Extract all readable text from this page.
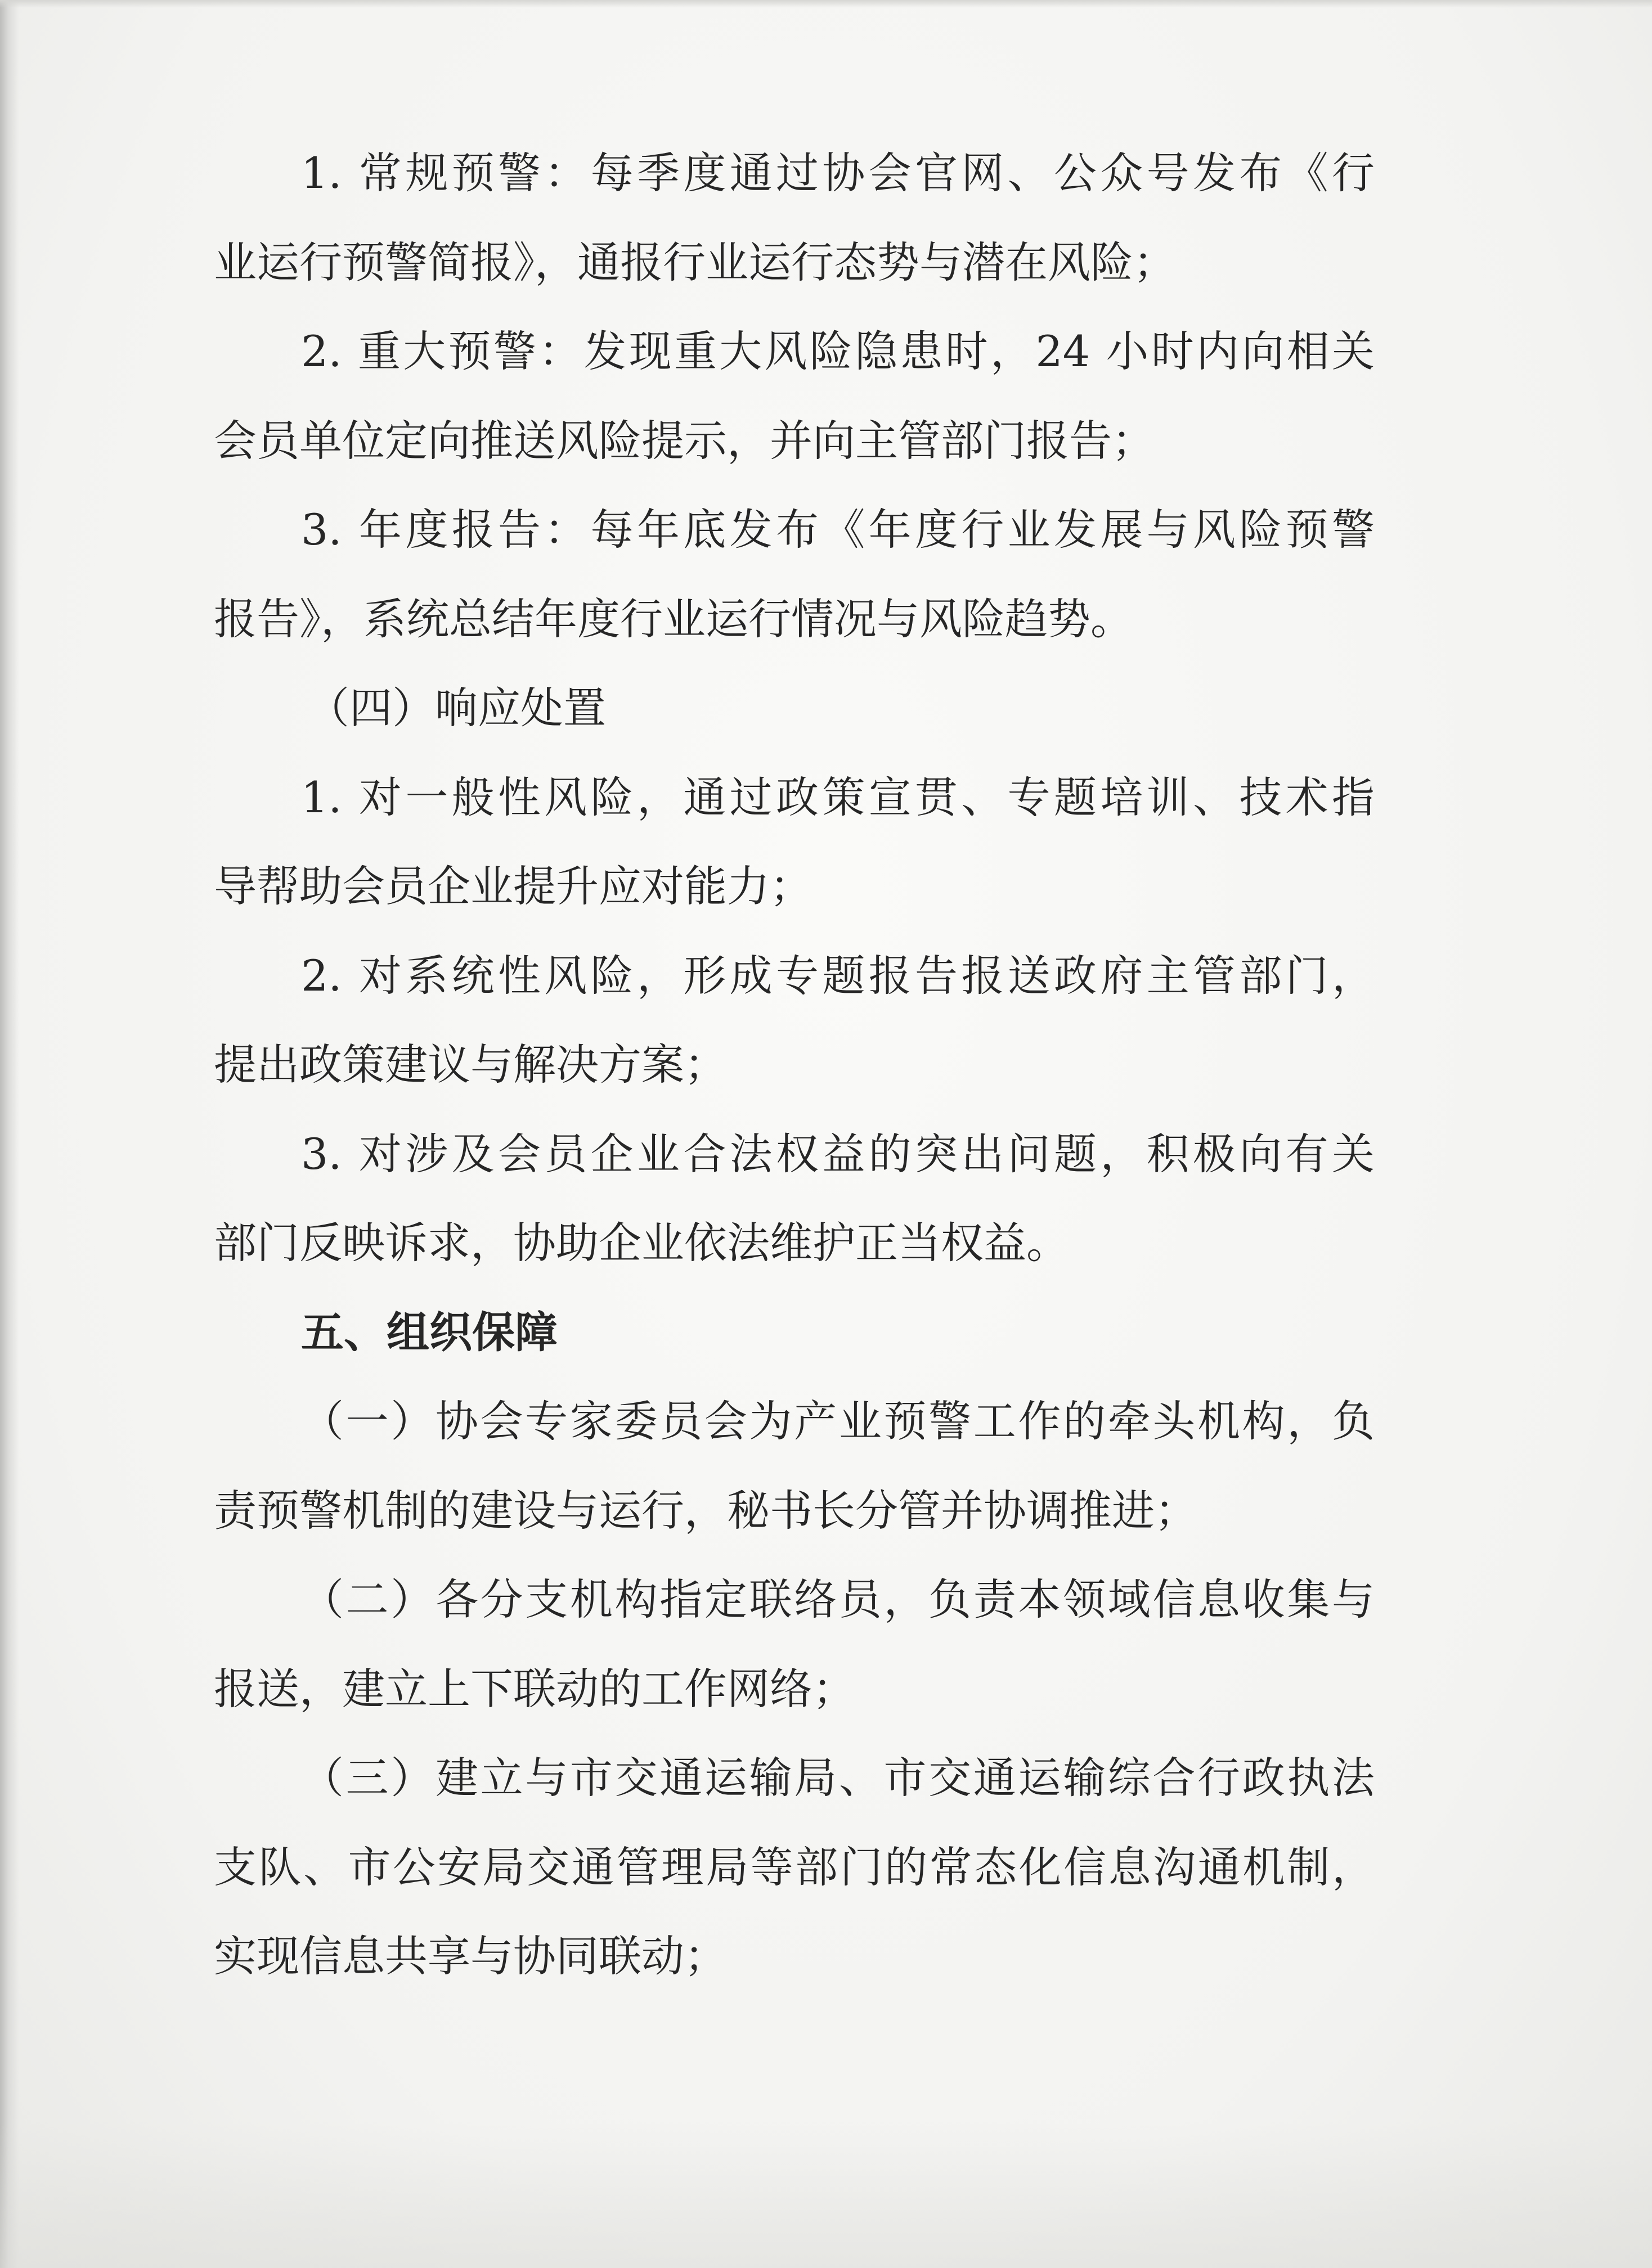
1. 常规预警：每季度通过协会官网、公众号发布《行
业运行预警简报》，通报行业运行态势与潜在风险；
2. 重大预警：发现重大风险隐患时，24 小时内向相关
会员单位定向推送风险提示，并向主管部门报告；
3. 年度报告：每年底发布《年度行业发展与风险预警
报告》，系统总结年度行业运行情况与风险趋势。
（四）响应处置
1. 对一般性风险，通过政策宣贯、专题培训、技术指
导帮助会员企业提升应对能力；
2. 对系统性风险，形成专题报告报送政府主管部门，
提出政策建议与解决方案；
3. 对涉及会员企业合法权益的突出问题，积极向有关
部门反映诉求，协助企业依法维护正当权益。
五、组织保障
（一）协会专家委员会为产业预警工作的牵头机构，负
责预警机制的建设与运行，秘书长分管并协调推进；
（二）各分支机构指定联络员，负责本领域信息收集与
报送，建立上下联动的工作网络；
（三）建立与市交通运输局、市交通运输综合行政执法
支队、市公安局交通管理局等部门的常态化信息沟通机制，
实现信息共享与协同联动；
